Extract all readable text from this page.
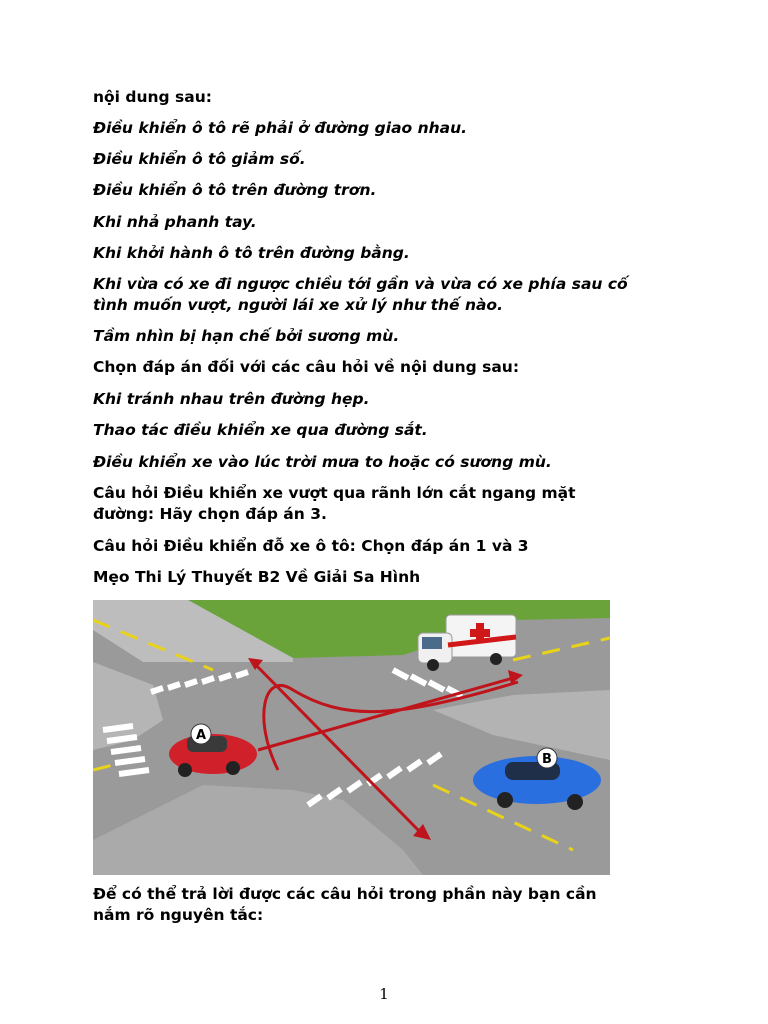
nội dung sau:
Điều khiển ô tô rẽ phải ở đường giao nhau.
Điều khiển ô tô giảm số.
Điều khiển ô tô trên đường trơn.
Khi nhả phanh tay.
Khi khởi hành ô tô trên đường bằng.
Khi vừa có xe đi ngược chiều tới gần và vừa có xe phía sau cố
tình muốn vượt, người lái xe xử lý như thế nào.
Tầm nhìn bị hạn chế bởi sương mù.
Chọn đáp án đối với các câu hỏi về nội dung sau:
Khi tránh nhau trên đường hẹp.
Thao tác điều khiển xe qua đường sắt.
Điều khiển xe vào lúc trời mưa to hoặc có sương mù.
Câu hỏi Điều khiển xe vượt qua rãnh lớn cắt ngang mặt
đường: Hãy chọn đáp án 3.
Câu hỏi Điều khiển đỗ xe ô tô: Chọn đáp án 1 và 3
Mẹo Thi Lý Thuyết B2 Về Giải Sa Hình
A
B
Để có thể trả lời được các câu hỏi trong phần này bạn cần
nắm rõ nguyên tắc:
1
